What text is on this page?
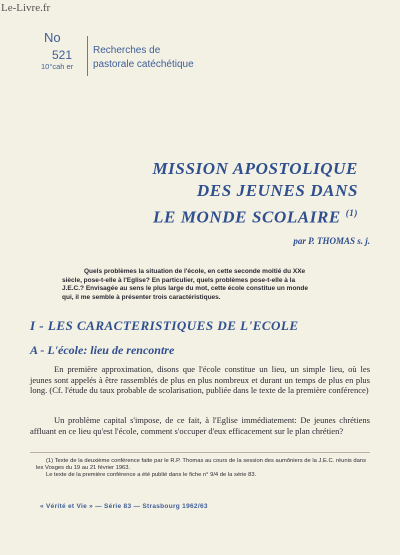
Le-Livre.fr
No
521
10°cah er
Recherches de
pastorale catéchétique
MISSION APOSTOLIQUE
DES JEUNES DANS
LE MONDE SCOLAIRE $^{(1)}$
par P. THOMAS s. j.
Quels problèmes la situation de l'école, en cette seconde moitié du XXe
siècle, pose-t-elle à l'Eglise? En particulier, quels problèmes pose-t-elle à la
J.E.C.? Envisagée au sens le plus large du mot, cette école constitue un monde
qui, il me semble à présenter trois caractéristiques.
I - LES CARACTERISTIQUES DE L'ECOLE
A - L'école: lieu de rencontre

En première approximation, disons que l'école constitue un lieu, un simple lieu, où les jeunes sont appelés à être rassemblés de plus en plus nombreux et durant un temps de plus en plus long. (Cf. l'étude du taux probable de scolarisation, publiée dans le texte de la première conférence)

Un problème capital s'impose, de ce fait, à l'Eglise immédiatement: De jeunes chrétiens affluant en ce lieu qu'est l'école, comment s'occuper d'eux efficacement sur le plan chrétien?

(1) Texte de la deuxième conférence faite par le R.P. Thomas au cours de la session des aumôniers de la J.E.C. réunis dans les Vosges du 19 au 21 février 1963.

Le texte de la première conférence a été publié dans le fiche n° 9/4 de la série 83.

« Vérité et Vie » — Série 83 — Strasbourg 1962/63
